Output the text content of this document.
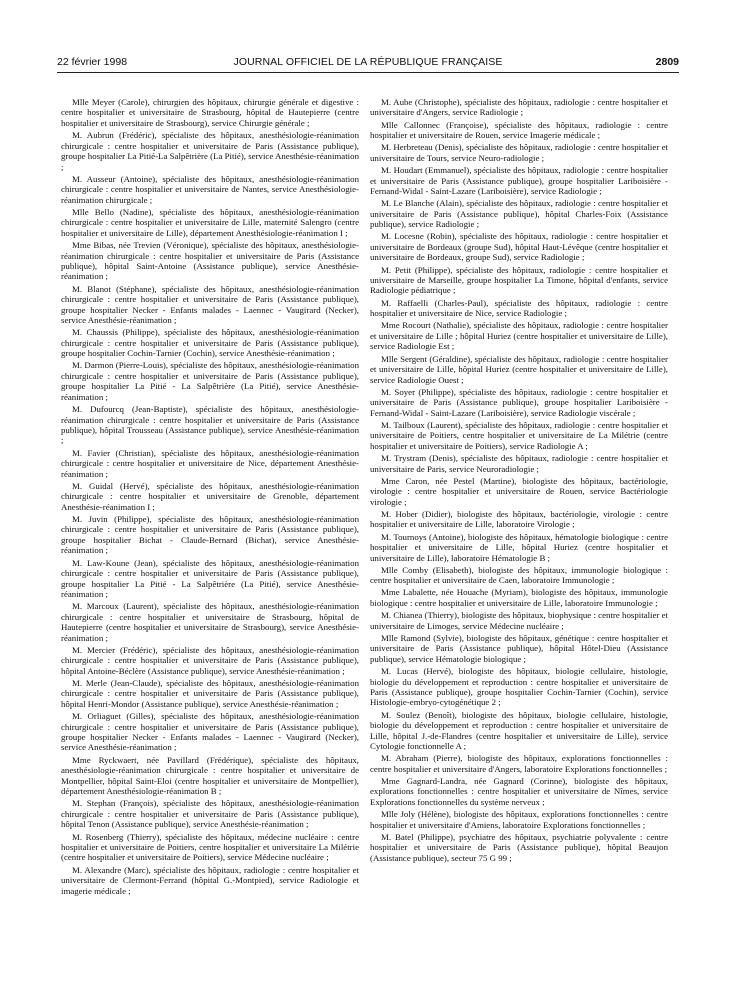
22 février 1998	JOURNAL OFFICIEL DE LA RÉPUBLIQUE FRANÇAISE	2809

Mlle Meyer (Carole), chirurgien des hôpitaux, chirurgie générale et digestive : centre hospitalier et universitaire de Strasbourg, hôpital de Hautepierre (centre hospitalier et universitaire de Strasbourg), service Chirurgie générale ;

M. Aubrun (Frédéric), spécialiste des hôpitaux, anesthésiologie-réanimation chirurgicale : centre hospitalier et universitaire de Paris (Assistance publique), groupe hospitalier La Pitié-La Salpêtrière (La Pitié), service Anesthésie-réanimation ;

M. Ausseur (Antoine), spécialiste des hôpitaux, anesthésiologie-réanimation chirurgicale : centre hospitalier et universitaire de Nantes, service Anesthésiologie-réanimation chirurgicale ;

Mlle Bello (Nadine), spécialiste des hôpitaux, anesthésiologie-réanimation chirurgicale : centre hospitalier et universitaire de Lille, maternité Salengro (centre hospitalier et universitaire de Lille), département Anesthésiologie-réanimation I ;

Mme Bibas, née Trevien (Véronique), spécialiste des hôpitaux, anesthésiologie-réanimation chirurgicale : centre hospitalier et universitaire de Paris (Assistance publique), hôpital Saint-Antoine (Assistance publique), service Anesthésie-réanimation ;

M. Blanot (Stéphane), spécialiste des hôpitaux, anesthésiologie-réanimation chirurgicale : centre hospitalier et universitaire de Paris (Assistance publique), groupe hospitalier Necker - Enfants malades - Laennec - Vaugirard (Necker), service Anesthésie-réanimation ;

M. Chaussis (Philippe), spécialiste des hôpitaux, anesthésiologie-réanimation chirurgicale : centre hospitalier et universitaire de Paris (Assistance publique), groupe hospitalier Cochin-Tarnier (Cochin), service Anesthésie-réanimation ;

M. Darmon (Pierre-Louis), spécialiste des hôpitaux, anesthésiologie-réanimation chirurgicale : centre hospitalier et universitaire de Paris (Assistance publique), groupe hospitalier La Pitié - La Salpêtrière (La Pitié), service Anesthésie-réanimation ;

M. Dufourcq (Jean-Baptiste), spécialiste des hôpitaux, anesthésiologie-réanimation chirurgicale : centre hospitalier et universitaire de Paris (Assistance publique), hôpital Trousseau (Assistance publique), service Anesthésie-réanimation ;

M. Favier (Christian), spécialiste des hôpitaux, anesthésiologie-réanimation chirurgicale : centre hospitalier et universitaire de Nice, département Anesthésie-réanimation ;

M. Guidal (Hervé), spécialiste des hôpitaux, anesthésiologie-réanimation chirurgicale : centre hospitalier et universitaire de Grenoble, département Anesthésie-réanimation I ;

M. Juvin (Philippe), spécialiste des hôpitaux, anesthésiologie-réanimation chirurgicale : centre hospitalier et universitaire de Paris (Assistance publique), groupe hospitalier Bichat - Claude-Bernard (Bichat), service Anesthésie-réanimation ;

M. Law-Koune (Jean), spécialiste des hôpitaux, anesthésiologie-réanimation chirurgicale : centre hospitalier et universitaire de Paris (Assistance publique), groupe hospitalier La Pitié - La Salpêtrière (La Pitié), service Anesthésie-réanimation ;

M. Marcoux (Laurent), spécialiste des hôpitaux, anesthésiologie-réanimation chirurgicale : centre hospitalier et universitaire de Strasbourg, hôpital de Hautepierre (centre hospitalier et universitaire de Strasbourg), service Anesthésie-réanimation ;

M. Mercier (Frédéric), spécialiste des hôpitaux, anesthésiologie-réanimation chirurgicale : centre hospitalier et universitaire de Paris (Assistance publique), hôpital Antoine-Béclère (Assistance publique), service Anesthésie-réanimation ;

M. Merle (Jean-Claude), spécialiste des hôpitaux, anesthésiologie-réanimation chirurgicale : centre hospitalier et universitaire de Paris (Assistance publique), hôpital Henri-Mondor (Assistance publique), service Anesthésie-réanimation ;

M. Orliaguet (Gilles), spécialiste des hôpitaux, anesthésiologie-réanimation chirurgicale : centre hospitalier et universitaire de Paris (Assistance publique), groupe hospitalier Necker - Enfants malades - Laennec - Vaugirard (Necker), service Anesthésie-réanimation ;

Mme Ryckwaert, née Pavillard (Frédérique), spécialiste des hôpitaux, anesthésiologie-réanimation chirurgicale : centre hospitalier et universitaire de Montpellier, hôpital Saint-Eloi (centre hospitalier et universitaire de Montpellier), département Anesthésiologie-réanimation B ;

M. Stephan (François), spécialiste des hôpitaux, anesthésiologie-réanimation chirurgicale : centre hospitalier et universitaire de Paris (Assistance publique), hôpital Tenon (Assistance publique), service Anesthésie-réanimation ;

M. Rosenberg (Thierry), spécialiste des hôpitaux, médecine nucléaire : centre hospitalier et universitaire de Poitiers, centre hospitalier et universitaire La Milétrie (centre hospitalier et universitaire de Poitiers), service Médecine nucléaire ;

M. Alexandre (Marc), spécialiste des hôpitaux, radiologie : centre hospitalier et universitaire de Clermont-Ferrand (hôpital G.-Montpied), service Radiologie et imagerie médicale ;

M. Aube (Christophe), spécialiste des hôpitaux, radiologie : centre hospitalier et universitaire d'Angers, service Radiologie ;

Mlle Callonnec (Françoise), spécialiste des hôpitaux, radiologie : centre hospitalier et universitaire de Rouen, service Imagerie médicale ;

M. Herbreteau (Denis), spécialiste des hôpitaux, radiologie : centre hospitalier et universitaire de Tours, service Neuro-radiologie ;

M. Houdart (Emmanuel), spécialiste des hôpitaux, radiologie : centre hospitalier et universitaire de Paris (Assistance publique), groupe hospitalier Lariboisière - Fernand-Widal - Saint-Lazare (Lariboisière), service Radiologie ;

M. Le Blanche (Alain), spécialiste des hôpitaux, radiologie : centre hospitalier et universitaire de Paris (Assistance publique), hôpital Charles-Foix (Assistance publique), service Radiologie ;

M. Locesne (Robin), spécialiste des hôpitaux, radiologie : centre hospitalier et universitaire de Bordeaux (groupe Sud), hôpital Haut-Lévêque (centre hospitalier et universitaire de Bordeaux, groupe Sud), service Radiologie ;

M. Petit (Philippe), spécialiste des hôpitaux, radiologie : centre hospitalier et universitaire de Marseille, groupe hospitalier La Timone, hôpital d'enfants, service Radiologie pédiatrique ;

M. Raffaelli (Charles-Paul), spécialiste des hôpitaux, radiologie : centre hospitalier et universitaire de Nice, service Radiologie ;

Mme Rocourt (Nathalie), spécialiste des hôpitaux, radiologie : centre hospitalier et universitaire de Lille ; hôpital Huriez (centre hospitalier et universitaire de Lille), service Radiologie Est ;

Mlle Sergent (Géraldine), spécialiste des hôpitaux, radiologie : centre hospitalier et universitaire de Lille, hôpital Huriez (centre hospitalier et universitaire de Lille), service Radiologie Ouest ;

M. Soyer (Philippe), spécialiste des hôpitaux, radiologie : centre hospitalier et universitaire de Paris (Assistance publique), groupe hospitalier Lariboisière - Fernand-Widal - Saint-Lazare (Lariboisière), service Radiologie viscérale ;

M. Tailboux (Laurent), spécialiste des hôpitaux, radiologie : centre hospitalier et universitaire de Poitiers, centre hospitalier et universitaire de La Milétrie (centre hospitalier et universitaire de Poitiers), service Radiologie A ;

M. Trystram (Denis), spécialiste des hôpitaux, radiologie : centre hospitalier et universitaire de Paris, service Neuroradiologie ;

Mme Caron, née Pestel (Martine), biologiste des hôpitaux, bactériologie, virologie : centre hospitalier et universitaire de Rouen, service Bactériologie virologie ;

M. Hober (Didier), biologiste des hôpitaux, bactériologie, virologie : centre hospitalier et universitaire de Lille, laboratoire Virologie ;

M. Tournoys (Antoine), biologiste des hôpitaux, hématologie biologique : centre hospitalier et universitaire de Lille, hôpital Huriez (centre hospitalier et universitaire de Lille), laboratoire Hématologie B ;

Mlle Comby (Elisabeth), biologiste des hôpitaux, immunologie biologique : centre hospitalier et universitaire de Caen, laboratoire Immunologie ;

Mme Labalette, née Houache (Myriam), biologiste des hôpitaux, immunologie biologique : centre hospitalier et universitaire de Lille, laboratoire Immunologie ;

M. Chianea (Thierry), biologiste des hôpitaux, biophysique : centre hospitalier et universitaire de Limoges, service Médecine nucléaire ;

Mlle Ramond (Sylvie), biologiste des hôpitaux, génétique : centre hospitalier et universitaire de Paris (Assistance publique), hôpital Hôtel-Dieu (Assistance publique), service Hématologie biologique ;

M. Lucas (Hervé), biologiste des hôpitaux, biologie cellulaire, histologie, biologie du développement et reproduction : centre hospitalier et universitaire de Paris (Assistance publique), groupe hospitalier Cochin-Tarnier (Cochin), service Histologie-embryo-cytogénétique 2 ;

M. Soulez (Benoît), biologiste des hôpitaux, biologie cellulaire, histologie, biologie du développement et reproduction : centre hospitalier et universitaire de Lille, hôpital J.-de-Flandres (centre hospitalier et universitaire de Lille), service Cytologie fonctionnelle A ;

M. Abraham (Pierre), biologiste des hôpitaux, explorations fonctionnelles : centre hospitalier et universitaire d'Angers, laboratoire Explorations fonctionnelles ;

Mme Gagnard-Landra, née Gagnard (Corinne), biologiste des hôpitaux, explorations fonctionnelles : centre hospitalier et universitaire de Nîmes, service Explorations fonctionnelles du système nerveux ;

Mlle Joly (Hélène), biologiste des hôpitaux, explorations fonctionnelles : centre hospitalier et universitaire d'Amiens, laboratoire Explorations fonctionnelles ;

M. Batel (Philippe), psychiatre des hôpitaux, psychiatrie polyvalente : centre hospitalier et universitaire de Paris (Assistance publique), hôpital Beaujon (Assistance publique), secteur 75 G 99 ;
